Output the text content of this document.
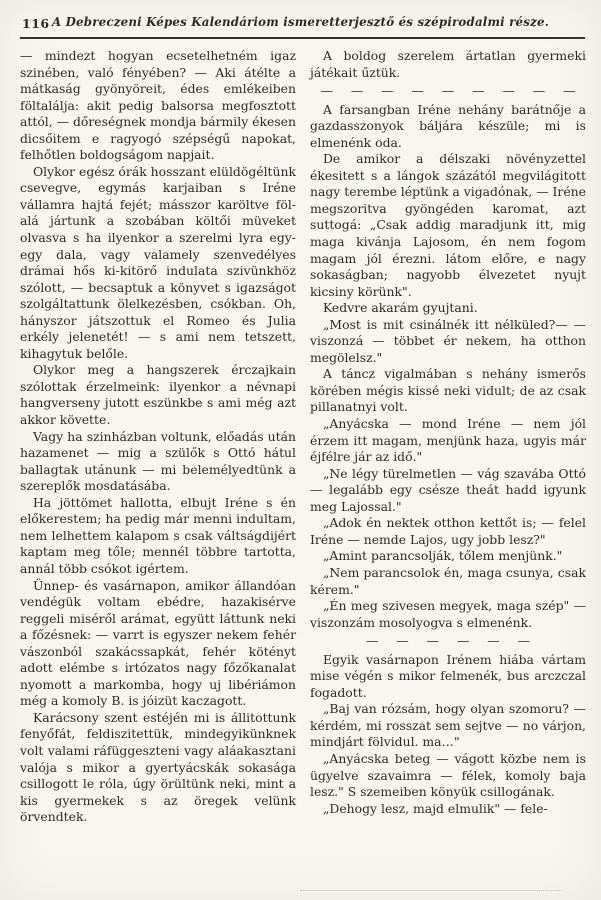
116 A Debreczeni Képes Kalendáriom ismeretterjesztő és szépirodalmi része.

— mindezt hogyan ecsetelhetném igaz szinében, való fényében? — Aki átélte a mátkaság gyönyöreit, édes emlékeiben föltalálja: akit pedig balsorsa megfosztott attól, — dőreségnek mondja bármily ékesen dicsőitem e ragyogó szépségű napokat, felhőtlen boldogságom napjait.

Olykor egész órák hosszant elüldögéltünk csevegve, egymás karjaiban s Iréne vállamra hajtá fejét; másszor karöltve föl-alá jártunk a szobában költői müveket olvasva s ha ilyenkor a szerelmi lyra egy-egy dala, vagy valamely szenvedélyes drámai hős ki-kitörő indulata szivünkhöz szólott, — becsaptuk a könyvet s igazságot szolgáltattunk ölelkezésben, csókban. Oh, hányszor játszottuk el Romeo és Julia erkély jelenetét! — s ami nem tetszett, kihagytuk belőle.

Olykor meg a hangszerek érczajkain szólottak érzelmeink: ilyenkor a névnapi hangverseny jutott eszünkbe s ami még azt akkor követte.

Vagy ha szinházban voltunk, előadás után hazamenet — mig a szülők s Ottó hátul ballagtak utánunk — mi belemélyedtünk a szereplők mosdatásába.

Ha jöttömet hallotta, elbujt Iréne s én előkerestem; ha pedig már menni indultam, nem lelhettem kalapom s csak váltságdijért kaptam meg tőle; mennél többre tartotta, annál több csókot igértem.

Ünnep- és vasárnapon, amikor állandóan vendégük voltam ebédre, hazakisérve reggeli miséről arámat, együtt láttunk neki a főzésnek: — varrt is egyszer nekem fehér vászonból szakácssapkát, fehér kötényt adott elémbe s irtózatos nagy főzőkanalat nyomott a markomba, hogy uj libériámon még a komoly B. is jóizüt kaczagott.

Karácsony szent estéjén mi is állitottunk fenyőfát, feldiszitettük, mindegyikünknek volt valami ráfüggeszteni vagy aláakasztani valója s mikor a gyertyácskák sokasága csillogott le róla, úgy örültünk neki, mint a kis gyermekek s az öregek velünk örvendtek.

A boldog szerelem ártatlan gyermeki játékait űztük.

— — — — — — — — —

A farsangban Iréne nehány barátnője a gazdasszonyok báljára készüle; mi is elmenénk oda.

De amikor a délszaki növényzettel ékesitett s a lángok százától megvilágitott nagy terembe léptünk a vigadónak, — Iréne megszoritva gyöngéden karomat, azt suttogá: „Csak addig maradjunk itt, mig maga kivánja Lajosom, én nem fogom magam jól érezni. látom előre, e nagy sokaságban; nagyobb élvezetet nyujt kicsiny körünk".

Kedvre akarám gyujtani.

„Most is mit csinálnék itt nélküled?— — viszonzá — többet ér nekem, ha otthon megölelsz."

A táncz vigalmában s nehány ismerős körében mégis kissé neki vidult; de az csak pillanatnyi volt.

„Anyácska — mond Iréne — nem jól érzem itt magam, menjünk haza, ugyis már éjfélre jár az idő."

„Ne légy türelmetlen — vág szavába Ottó — legalább egy csésze theát hadd igyunk meg Lajossal."

„Adok én nektek otthon kettőt is; — felel Iréne — nemde Lajos, ugy jobb lesz?"

„Amint parancsolják, tőlem menjünk."

„Nem parancsolok én, maga csunya, csak kérem."

„Én meg szivesen megyek, maga szép" — viszonzám mosolyogva s elmenénk.

— — — — — —

Egyik vasárnapon Irénem hiába vártam mise végén s mikor felmenék, bus arczczal fogadott.

„Baj van rózsám, hogy olyan szomoru? — kérdém, mi rosszat sem sejtve — no várjon, mindjárt fölvidul. ma…"

„Anyácska beteg — vágott közbe nem is ügyelve szavaimra — félek, komoly baja lesz." S szemeiben könyük csillogának.

„Dehogy lesz, majd elmulik" — fele-
